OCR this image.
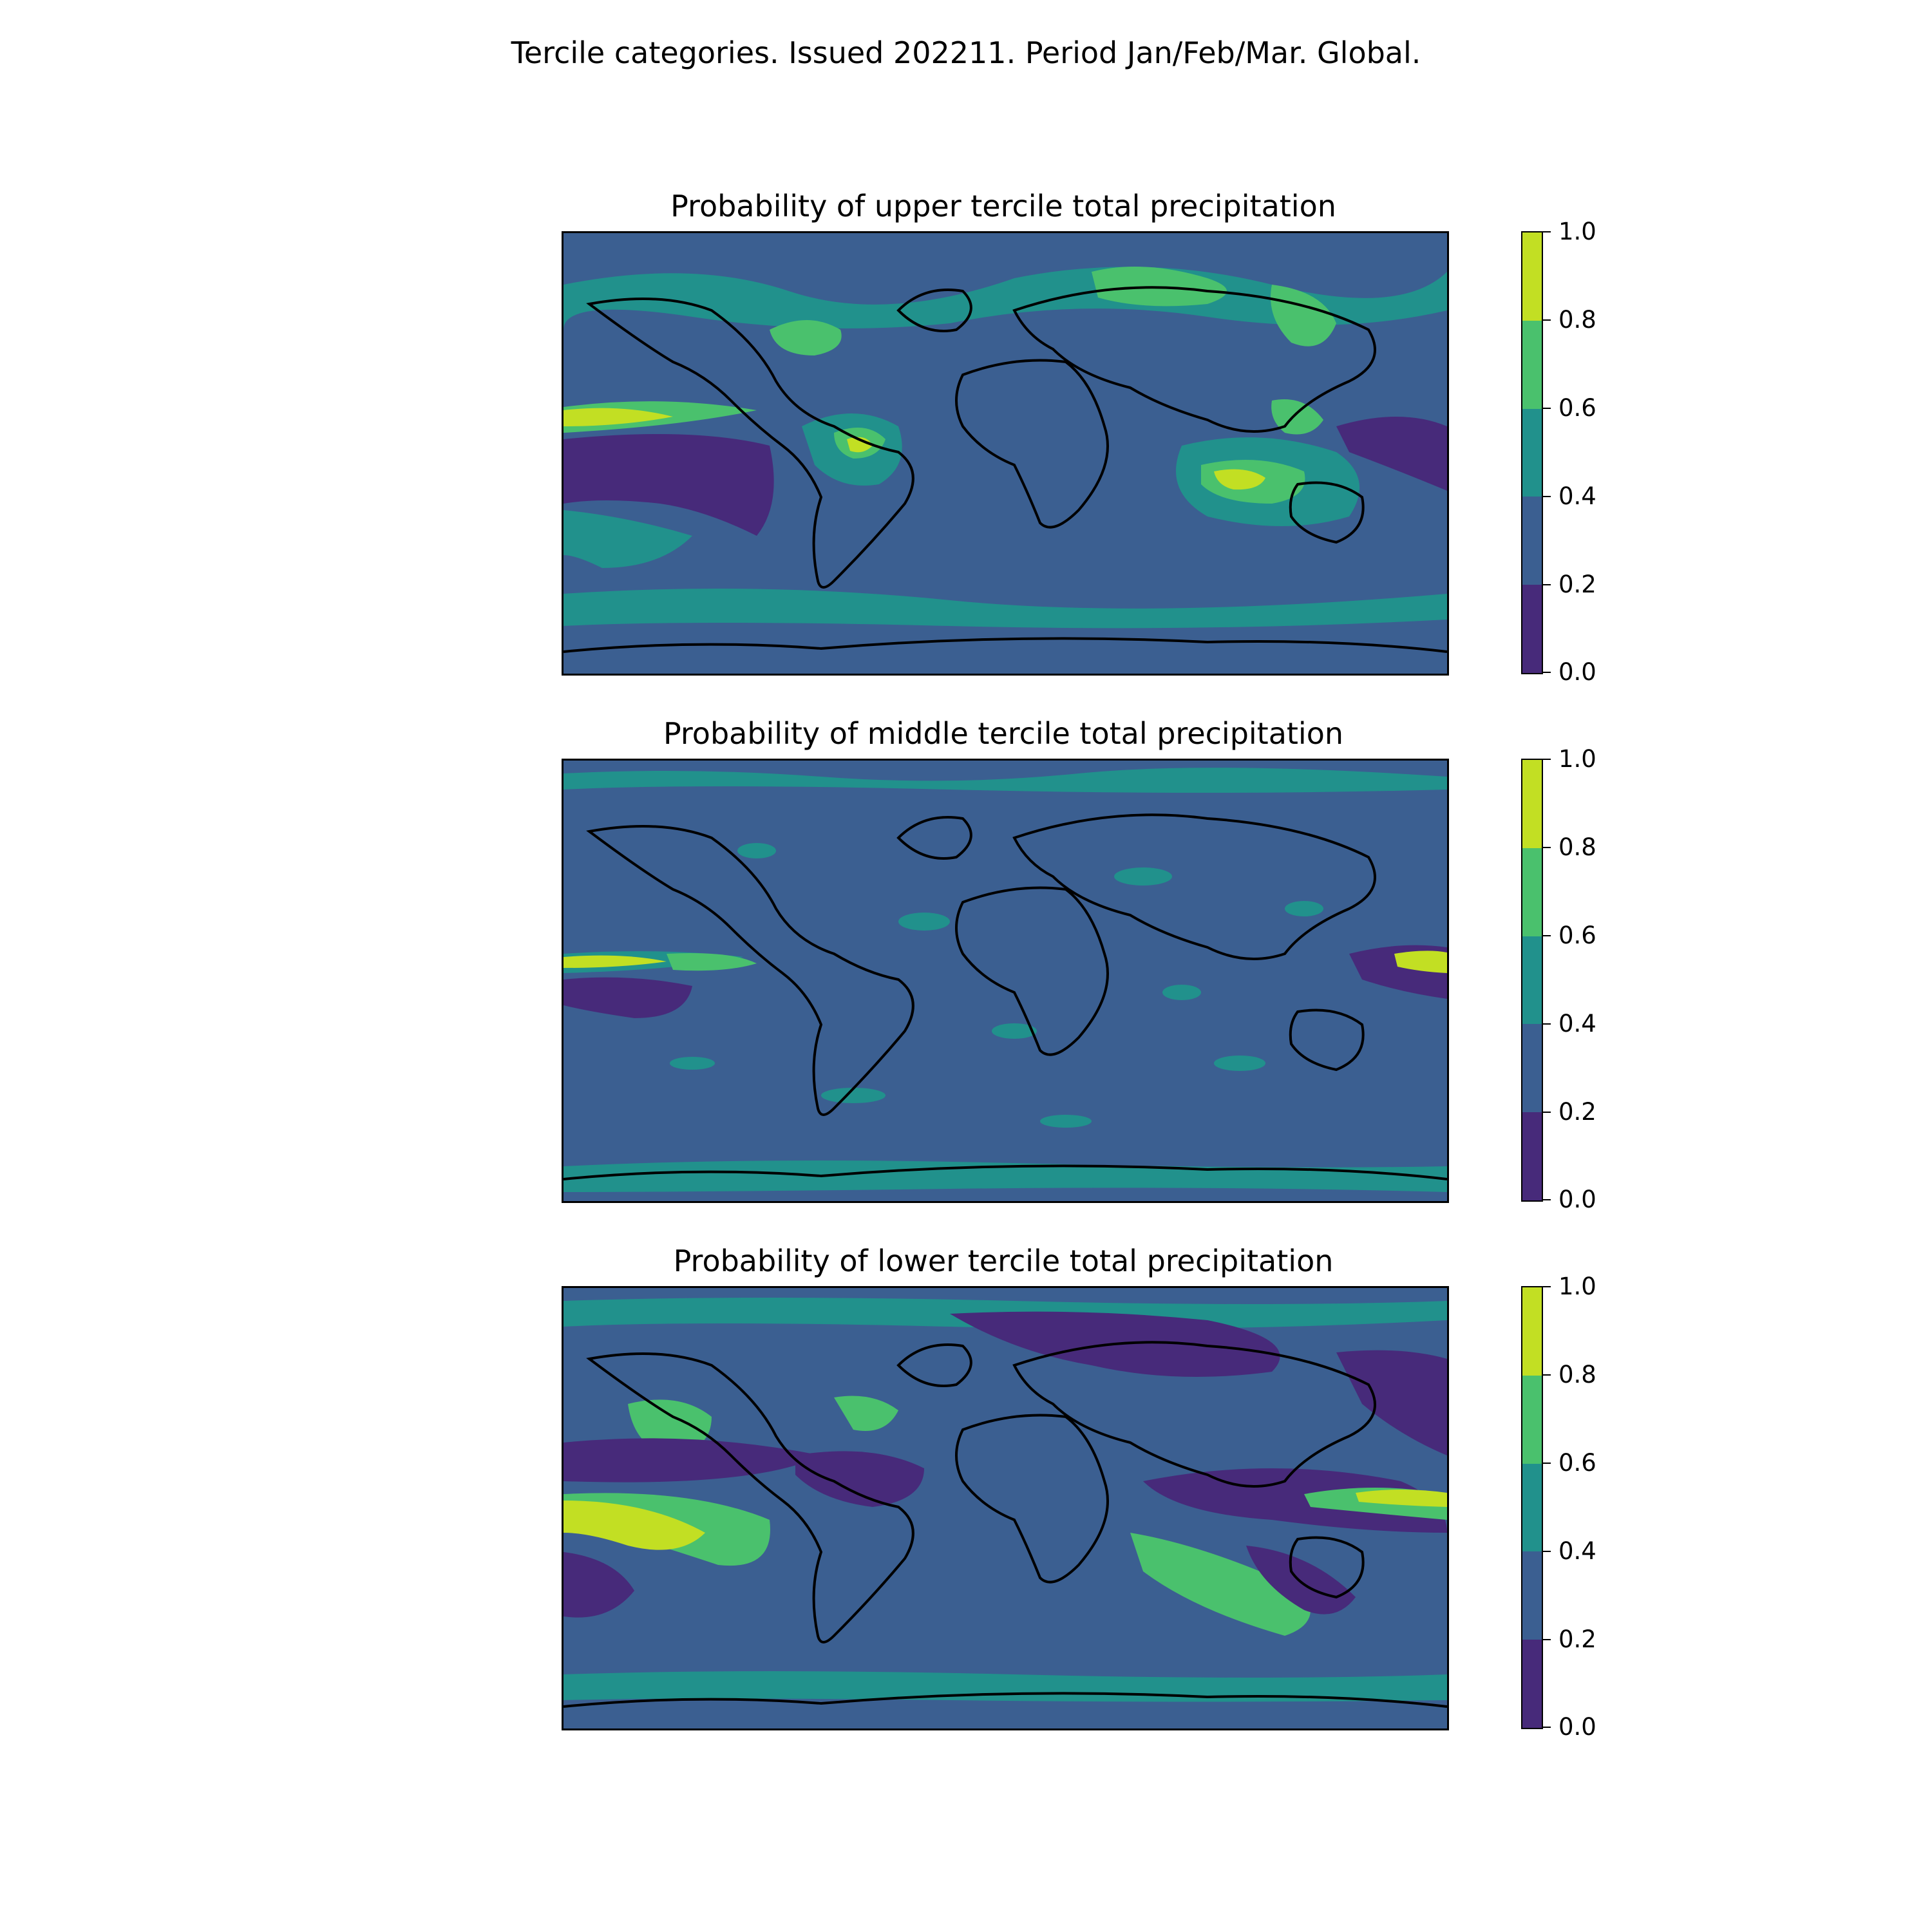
Tercile categories. Issued 202211. Period Jan/Feb/Mar. Global.
Probability of upper tercile total precipitation
1.0
0.8
0.6
0.4
0.2
0.0
Probability of middle tercile total precipitation
1.0
0.8
0.6
0.4
0.2
0.0
Probability of lower tercile total precipitation
1.0
0.8
0.6
0.4
0.2
0.0
